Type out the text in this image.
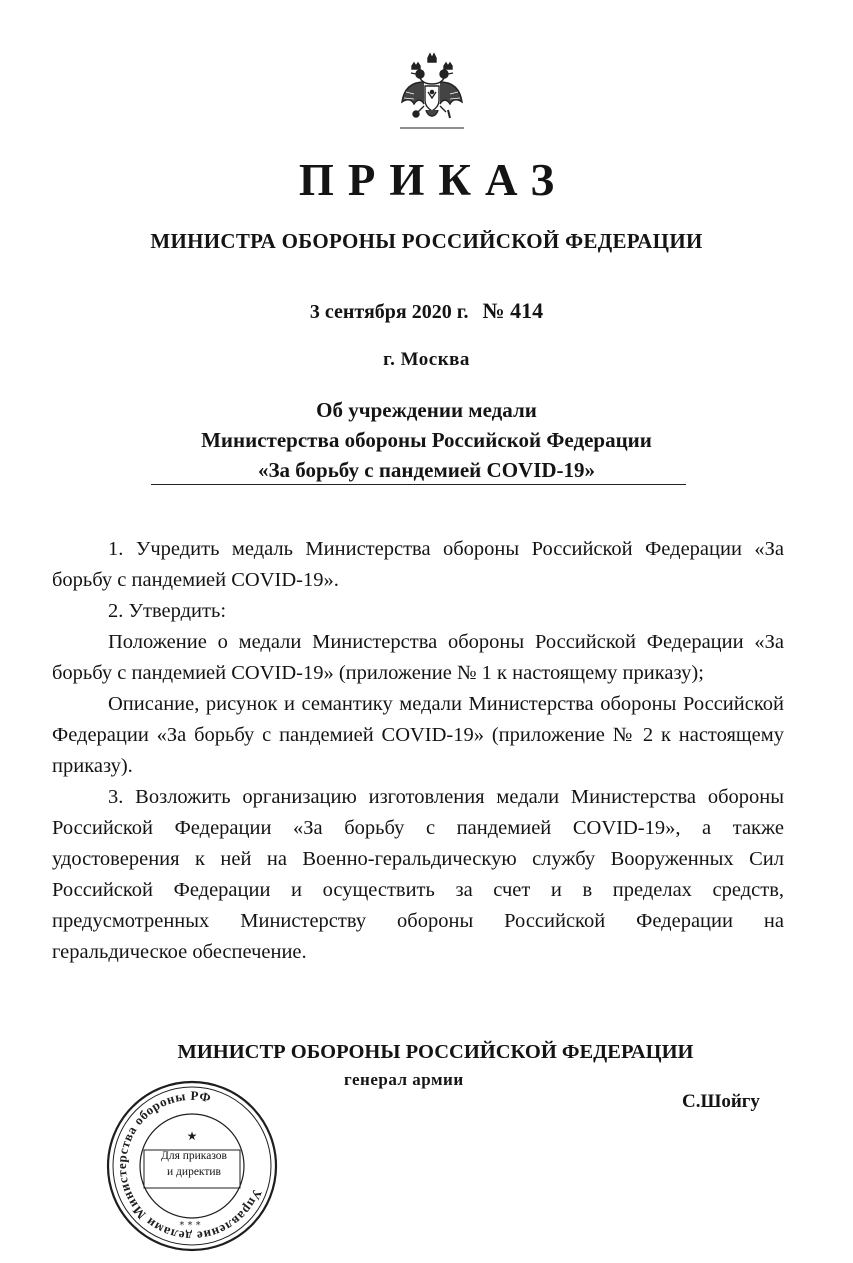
ПРИКАЗ
МИНИСТРА ОБОРОНЫ РОССИЙСКОЙ ФЕДЕРАЦИИ
3 сентября 2020 г. № 414
г. Москва
Об учреждении медали
Министерства обороны Российской Федерации
«За борьбу с пандемией COVID-19»

1. Учредить медаль Министерства обороны Российской Федерации «За борьбу с пандемией COVID-19».

2. Утвердить:

Положение о медали Министерства обороны Российской Федерации «За борьбу с пандемией COVID-19» (приложение № 1 к настоящему приказу);

Описание, рисунок и семантику медали Министерства обороны Российской Федерации «За борьбу с пандемией COVID-19» (приложение № 2 к настоящему приказу).

3. Возложить организацию изготовления медали Министерства обороны Российской Федерации «За борьбу с пандемией COVID-19», а также удостоверения к ней на Военно-геральдическую службу Вооруженных Сил Российской Федерации и осуществить за счет и в пределах средств, предусмотренных Министерству обороны Российской Федерации на геральдическое обеспечение.

МИНИСТР ОБОРОНЫ РОССИЙСКОЙ ФЕДЕРАЦИИ
генерал армии
С.Шойгу
Управление делами Министерства обороны РФ
★
* * *
Для приказов
и директив
